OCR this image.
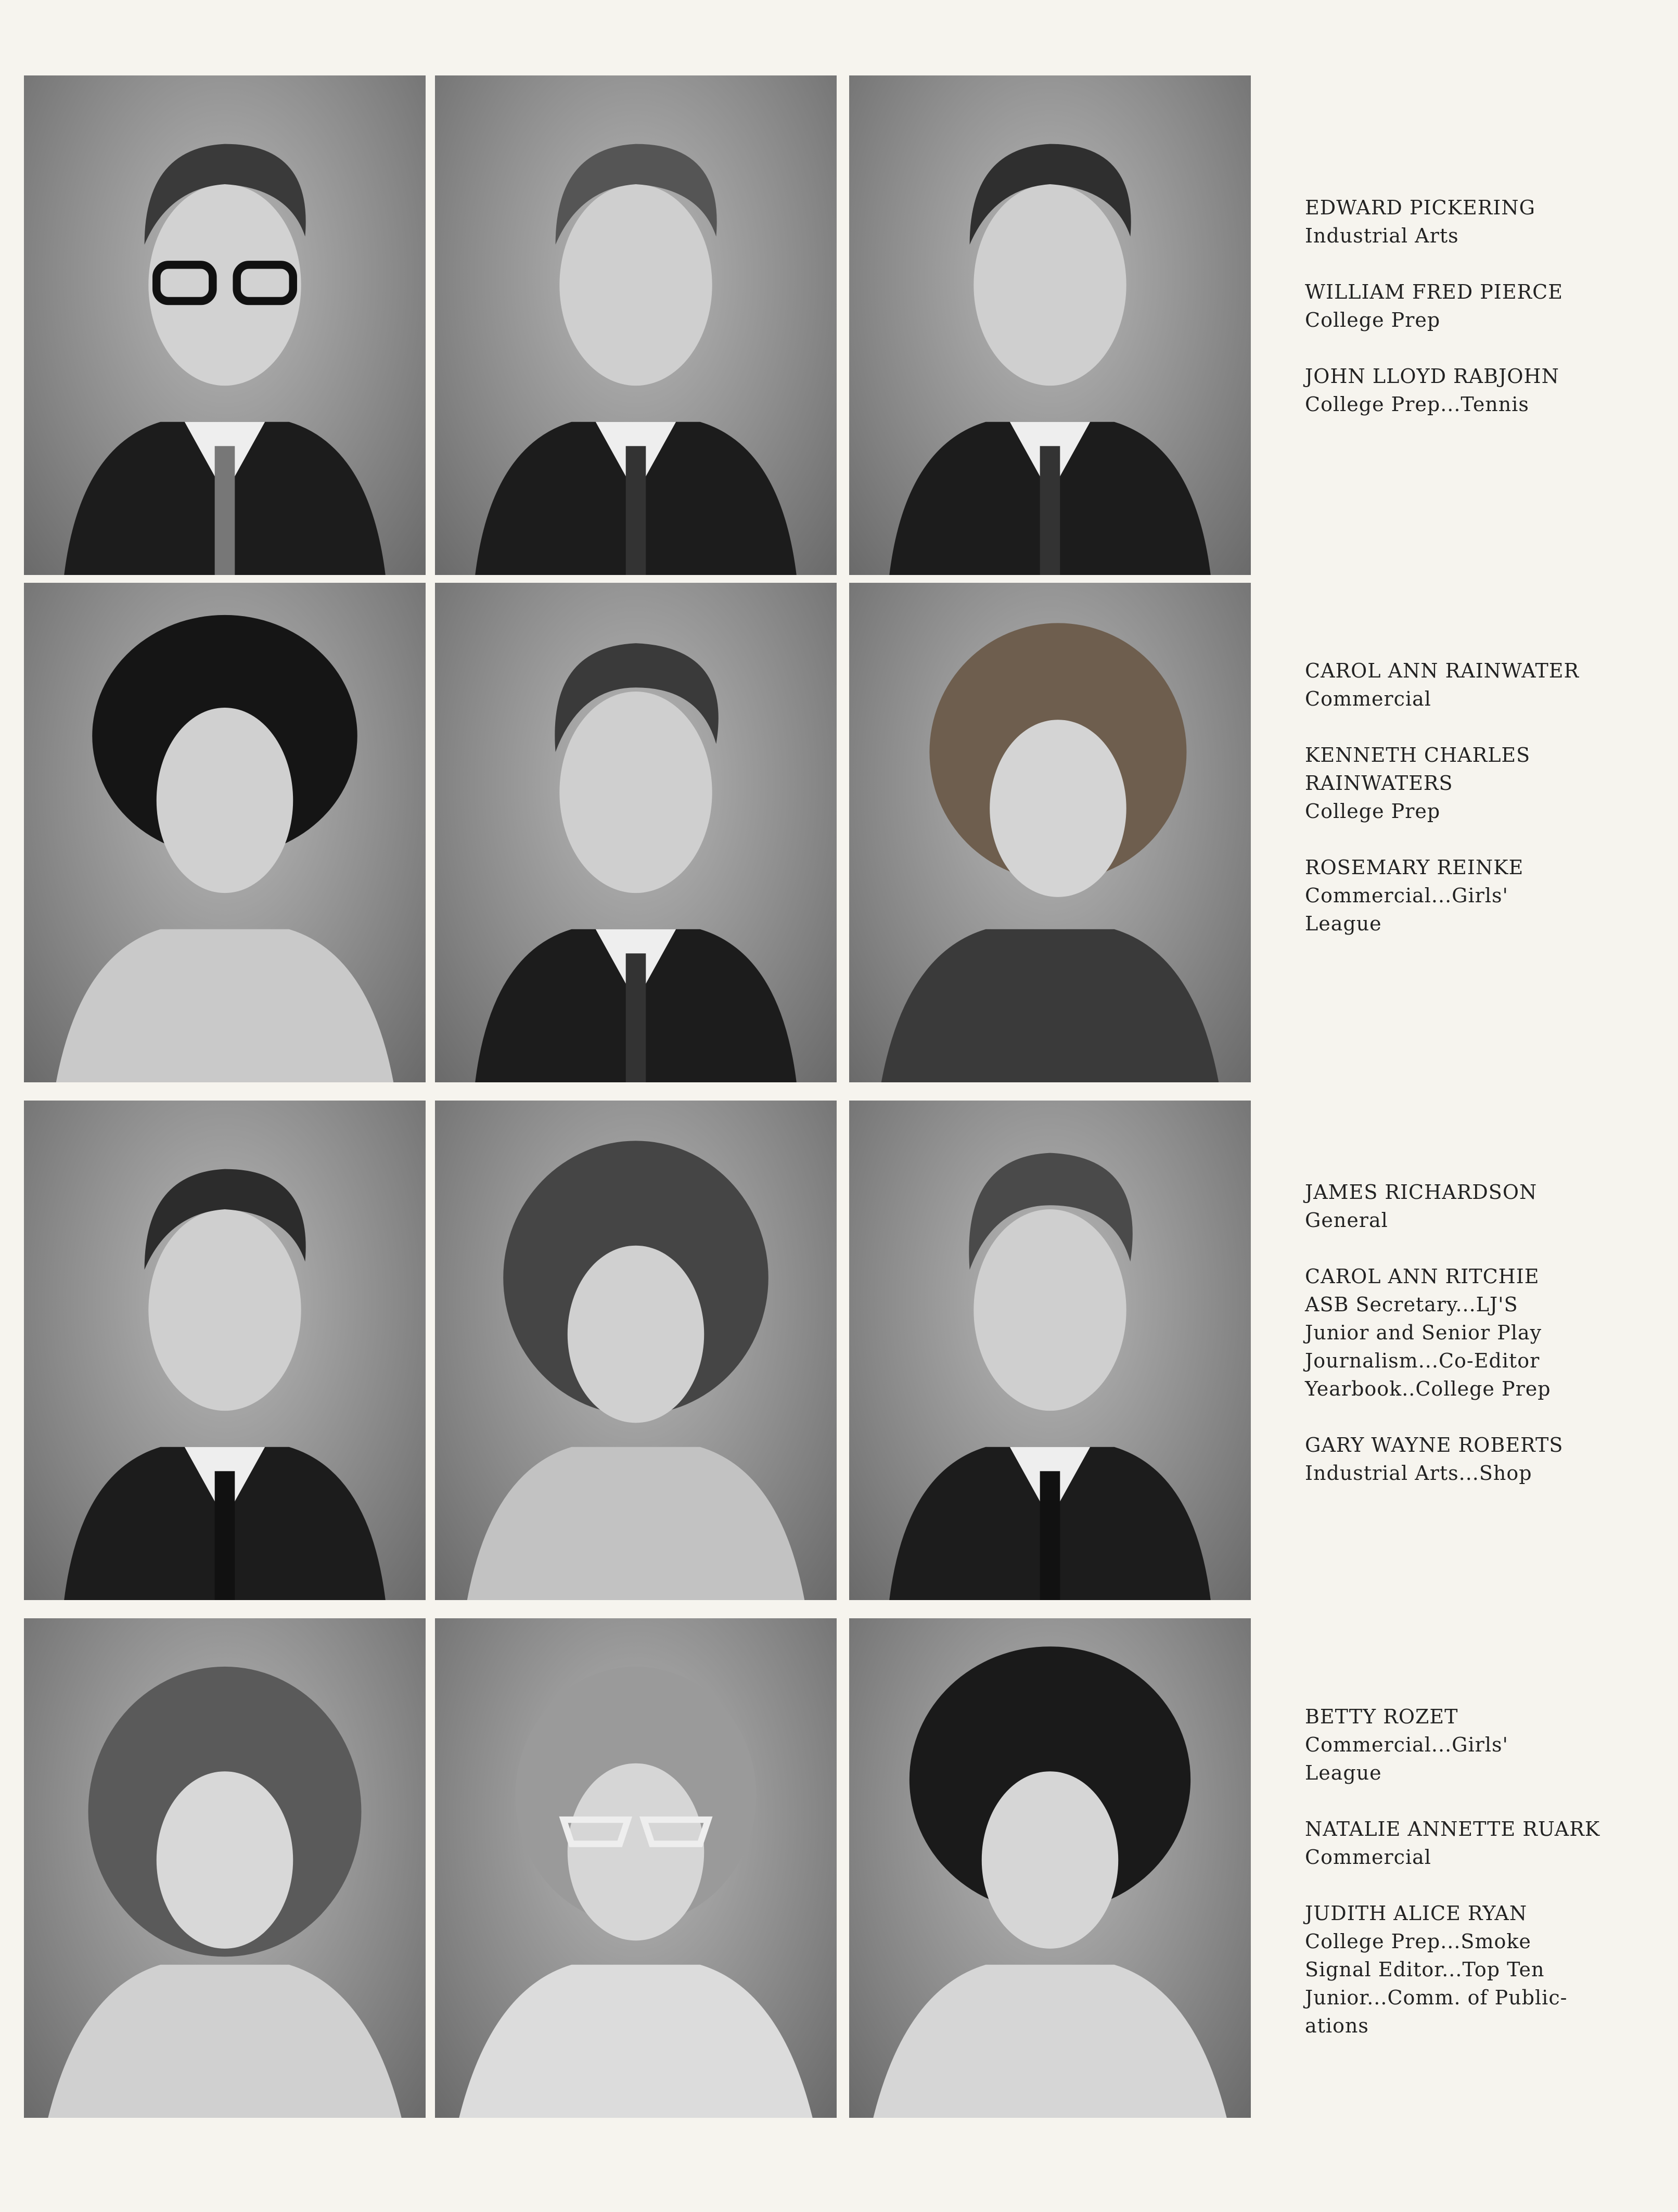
EDWARD PICKERING
Industrial Arts
WILLIAM FRED PIERCE
College Prep
JOHN LLOYD RABJOHN
College Prep...Tennis
CAROL ANN RAINWATER
Commercial
KENNETH CHARLES
RAINWATERS
College Prep
ROSEMARY REINKE
Commercial...Girls'
League
JAMES RICHARDSON
General
CAROL ANN RITCHIE
ASB Secretary...LJ'S
Junior and Senior Play
Journalism...Co-Editor
Yearbook..College Prep
GARY WAYNE ROBERTS
Industrial Arts...Shop
BETTY ROZET
Commercial...Girls'
League
NATALIE ANNETTE RUARK
Commercial
JUDITH ALICE RYAN
College Prep...Smoke
Signal Editor...Top Ten
Junior...Comm. of Public-
ations
